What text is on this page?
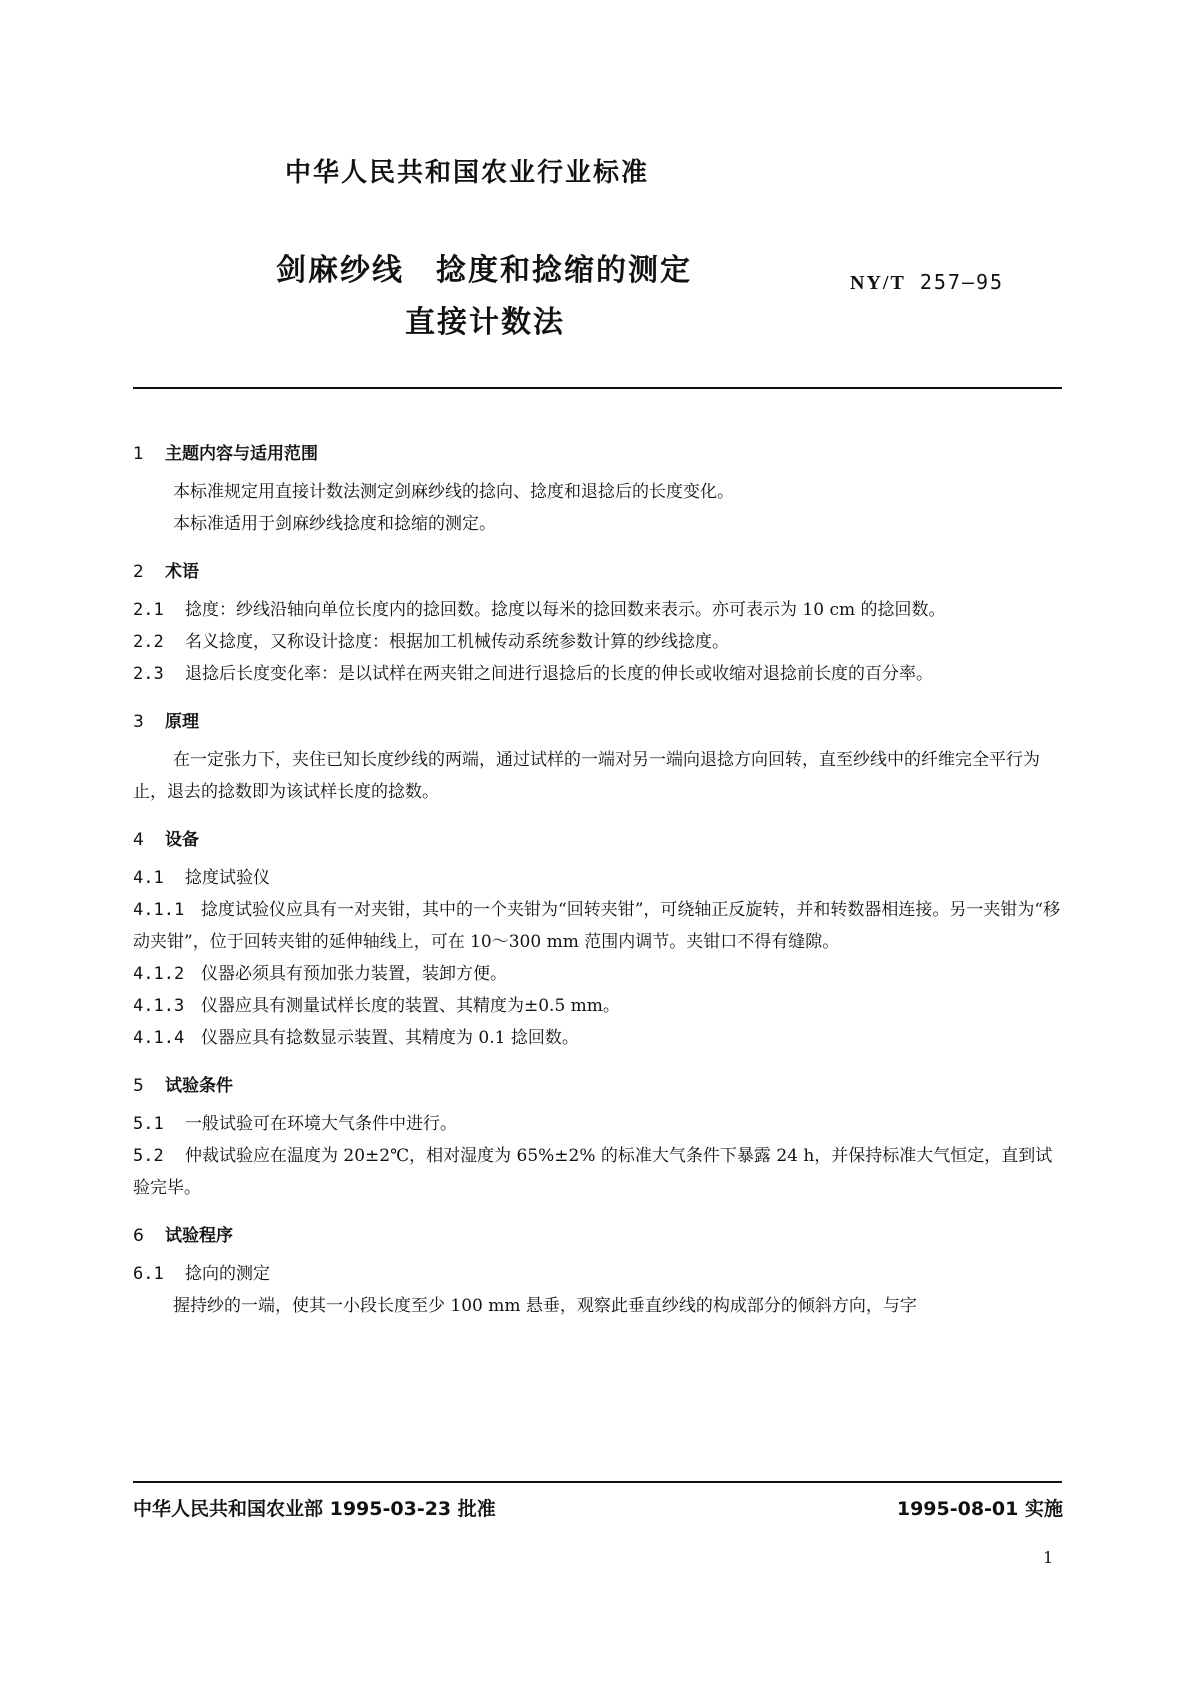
中华人民共和国农业行业标准
剑麻纱线　捻度和捻缩的测定
直接计数法
NY/T 257—95
1 主题内容与适用范围

本标准规定用直接计数法测定剑麻纱线的捻向、捻度和退捻后的长度变化。

本标准适用于剑麻纱线捻度和捻缩的测定。

2 术语

2.1 捻度：纱线沿轴向单位长度内的捻回数。捻度以每米的捻回数来表示。亦可表示为 10 cm 的捻回数。

2.2 名义捻度，又称设计捻度：根据加工机械传动系统参数计算的纱线捻度。

2.3 退捻后长度变化率：是以试样在两夹钳之间进行退捻后的长度的伸长或收缩对退捻前长度的百分率。

3 原理

在一定张力下，夹住已知长度纱线的两端，通过试样的一端对另一端向退捻方向回转，直至纱线中的纤维完全平行为止，退去的捻数即为该试样长度的捻数。

4 设备

4.1 捻度试验仪

4.1.1 捻度试验仪应具有一对夹钳，其中的一个夹钳为“回转夹钳”，可绕轴正反旋转，并和转数器相连接。另一夹钳为“移动夹钳”，位于回转夹钳的延伸轴线上，可在 10～300 mm 范围内调节。夹钳口不得有缝隙。

4.1.2 仪器必须具有预加张力装置，装卸方便。

4.1.3 仪器应具有测量试样长度的装置、其精度为±0.5 mm。

4.1.4 仪器应具有捻数显示装置、其精度为 0.1 捻回数。

5 试验条件

5.1 一般试验可在环境大气条件中进行。

5.2 仲裁试验应在温度为 20±2℃，相对湿度为 65%±2% 的标准大气条件下暴露 24 h，并保持标准大气恒定，直到试验完毕。

6 试验程序

6.1 捻向的测定

握持纱的一端，使其一小段长度至少 100 mm 悬垂，观察此垂直纱线的构成部分的倾斜方向，与字

中华人民共和国农业部 1995-03-23 批准	1995-08-01 实施
1
